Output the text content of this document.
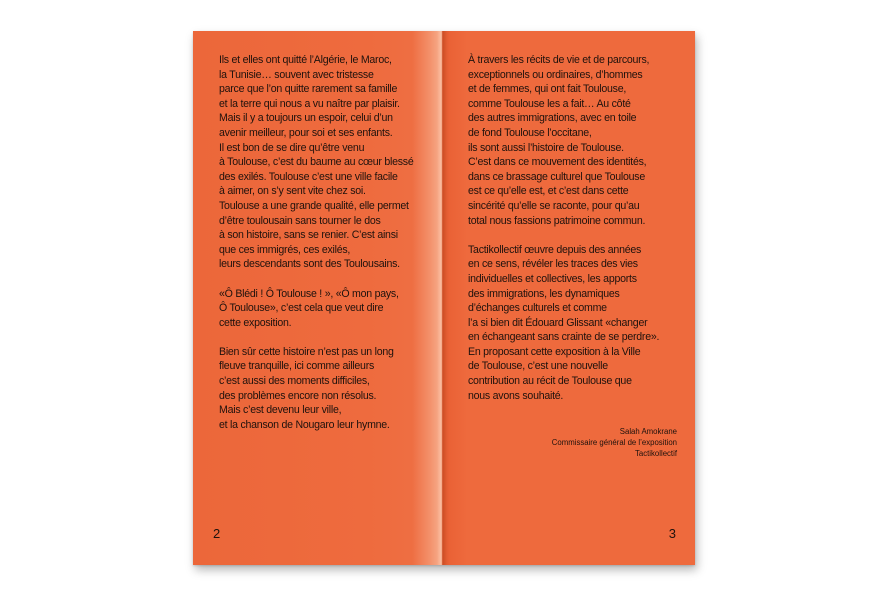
Ils et elles ont quitté l’Algérie, le Maroc,
la Tunisie… souvent avec tristesse
parce que l’on quitte rarement sa famille
et la terre qui nous a vu naître par plaisir.
Mais il y a toujours un espoir, celui d’un
avenir meilleur, pour soi et ses enfants.
Il est bon de se dire qu’être venu
à Toulouse, c’est du baume au cœur blessé
des exilés. Toulouse c’est une ville facile
à aimer, on s’y sent vite chez soi.
Toulouse a une grande qualité, elle permet
d’être toulousain sans tourner le dos
à son histoire, sans se renier. C’est ainsi
que ces immigrés, ces exilés,
leurs descendants sont des Toulousains.
«Ô Blédi ! Ô Toulouse ! », «Ô mon pays,
Ô Toulouse», c’est cela que veut dire
cette exposition.
Bien sûr cette histoire n’est pas un long
fleuve tranquille, ici comme ailleurs
c’est aussi des moments difficiles,
des problèmes encore non résolus.
Mais c’est devenu leur ville,
et la chanson de Nougaro leur hymne.
2
À travers les récits de vie et de parcours,
exceptionnels ou ordinaires, d’hommes
et de femmes, qui ont fait Toulouse,
comme Toulouse les a fait… Au côté
des autres immigrations, avec en toile
de fond Toulouse l’occitane,
ils sont aussi l’histoire de Toulouse.
C’est dans ce mouvement des identités,
dans ce brassage culturel que Toulouse
est ce qu’elle est, et c’est dans cette
sincérité qu’elle se raconte, pour qu’au
total nous fassions patrimoine commun.
Tactikollectif œuvre depuis des années
en ce sens, révéler les traces des vies
individuelles et collectives, les apports
des immigrations, les dynamiques
d’échanges culturels et comme
l’a si bien dit Édouard Glissant «changer
en échangeant sans crainte de se perdre».
En proposant cette exposition à la Ville
de Toulouse, c’est une nouvelle
contribution au récit de Toulouse que
nous avons souhaité.
Salah Amokrane
Commissaire général de l’exposition
Tactikollectif
3
